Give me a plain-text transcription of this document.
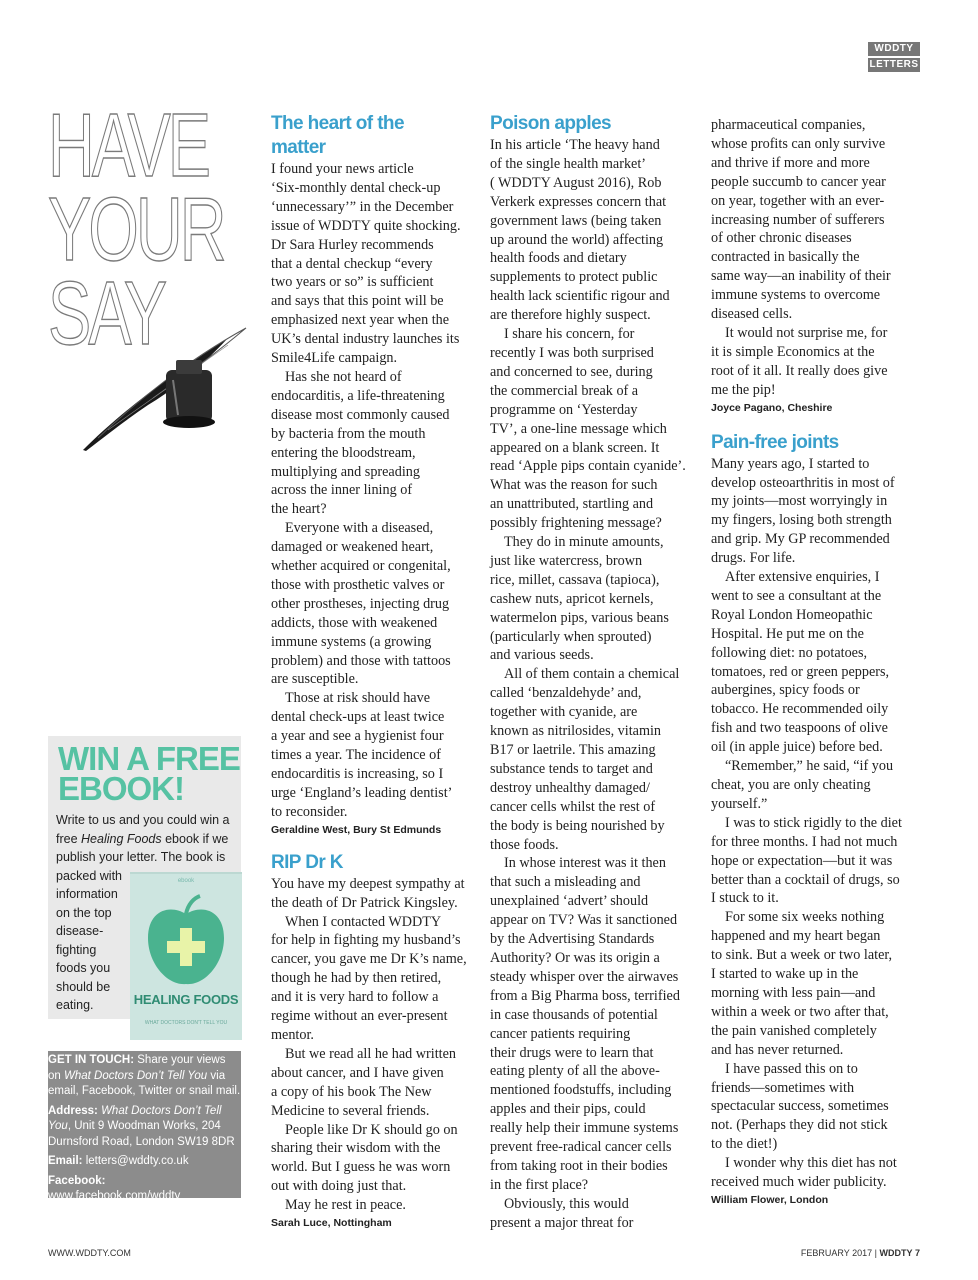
WDDTY
LETTERS
HAVE
YOUR
SAY
WIN A FREE
EBOOK!
Write to us and you could win a
free Healing Foods ebook if we
publish your letter. The book is
packed with
information
on the top
disease-
fighting
foods you
should be
eating.
ebook
HEALING FOODS
WHAT DOCTORS DON'T TELL YOU

GET IN TOUCH: Share your views on What Doctors Don’t Tell You via email, Facebook, Twitter or snail mail.

Address: What Doctors Don’t Tell You, Unit 9 Woodman Works, 204 Durnsford Road, London SW19 8DR

Email: letters@wddty.co.uk

Facebook: www.facebook.com/wddty

Twitter: www.twitter.com/wddty

The heart of the matter

I found your news article
‘Six-monthly dental check-up
‘unnecessary’” in the December
issue of WDDTY quite shocking.
Dr Sara Hurley recommends
that a dental checkup “every
two years or so” is sufficient
and says that this point will be
emphasized next year when the
UK’s dental industry launches its
Smile4Life campaign.

Has she not heard of
endocarditis, a life-threatening
disease most commonly caused
by bacteria from the mouth
entering the bloodstream,
multiplying and spreading
across the inner lining of
the heart?

Everyone with a diseased,
damaged or weakened heart,
whether acquired or congenital,
those with prosthetic valves or
other prostheses, injecting drug
addicts, those with weakened
immune systems (a growing
problem) and those with tattoos
are susceptible.

Those at risk should have
dental check-ups at least twice
a year and see a hygienist four
times a year. The incidence of
endocarditis is increasing, so I
urge ‘England’s leading dentist’
to reconsider.

Geraldine West, Bury St Edmunds
RIP Dr K

You have my deepest sympathy at
the death of Dr Patrick Kingsley.

When I contacted WDDTY
for help in fighting my husband’s
cancer, you gave me Dr K’s name,
though he had by then retired,
and it is very hard to follow a
regime without an ever-present
mentor.

But we read all he had written
about cancer, and I have given
a copy of his book The New
Medicine to several friends.

People like Dr K should go on
sharing their wisdom with the
world. But I guess he was worn
out with doing just that.

May he rest in peace.

Sarah Luce, Nottingham
Poison apples

In his article ‘The heavy hand
of the single health market’
( WDDTY August 2016), Rob
Verkerk expresses concern that
government laws (being taken
up around the world) affecting
health foods and dietary
supplements to protect public
health lack scientific rigour and
are therefore highly suspect.

I share his concern, for
recently I was both surprised
and concerned to see, during
the commercial break of a
programme on ‘Yesterday
TV’, a one-line message which
appeared on a blank screen. It
read ‘Apple pips contain cyanide’.
What was the reason for such
an unattributed, startling and
possibly frightening message?

They do in minute amounts,
just like watercress, brown
rice, millet, cassava (tapioca),
cashew nuts, apricot kernels,
watermelon pips, various beans
(particularly when sprouted)
and various seeds.

All of them contain a chemical
called ‘benzaldehyde’ and,
together with cyanide, are
known as nitrilosides, vitamin
B17 or laetrile. This amazing
substance tends to target and
destroy unhealthy damaged/
cancer cells whilst the rest of
the body is being nourished by
those foods.

In whose interest was it then
that such a misleading and
unexplained ‘advert’ should
appear on TV? Was it sanctioned
by the Advertising Standards
Authority? Or was its origin a
steady whisper over the airwaves
from a Big Pharma boss, terrified
in case thousands of potential
cancer patients requiring
their drugs were to learn that
eating plenty of all the above-
mentioned foodstuffs, including
apples and their pips, could
really help their immune systems
prevent free-radical cancer cells
from taking root in their bodies
in the first place?

Obviously, this would
present a major threat for

pharmaceutical companies,
whose profits can only survive
and thrive if more and more
people succumb to cancer year
on year, together with an ever-
increasing number of sufferers
of other chronic diseases
contracted in basically the
same way—an inability of their
immune systems to overcome
diseased cells.

It would not surprise me, for
it is simple Economics at the
root of it all. It really does give
me the pip!

Joyce Pagano, Cheshire
Pain-free joints

Many years ago, I started to
develop osteoarthritis in most of
my joints—most worryingly in
my fingers, losing both strength
and grip. My GP recommended
drugs. For life.

After extensive enquiries, I
went to see a consultant at the
Royal London Homeopathic
Hospital. He put me on the
following diet: no potatoes,
tomatoes, red or green peppers,
aubergines, spicy foods or
tobacco. He recommended oily
fish and two teaspoons of olive
oil (in apple juice) before bed.

“Remember,” he said, “if you
cheat, you are only cheating
yourself.”

I was to stick rigidly to the diet
for three months. I had not much
hope or expectation—but it was
better than a cocktail of drugs, so
I stuck to it.

For some six weeks nothing
happened and my heart began
to sink. But a week or two later,
I started to wake up in the
morning with less pain—and
within a week or two after that,
the pain vanished completely
and has never returned.

I have passed this on to
friends—sometimes with
spectacular success, sometimes
not. (Perhaps they did not stick
to the diet!)

I wonder why this diet has not
received much wider publicity.

William Flower, London
WWW.WDDTY.COM	FEBRUARY 2017 | WDDTY 7
